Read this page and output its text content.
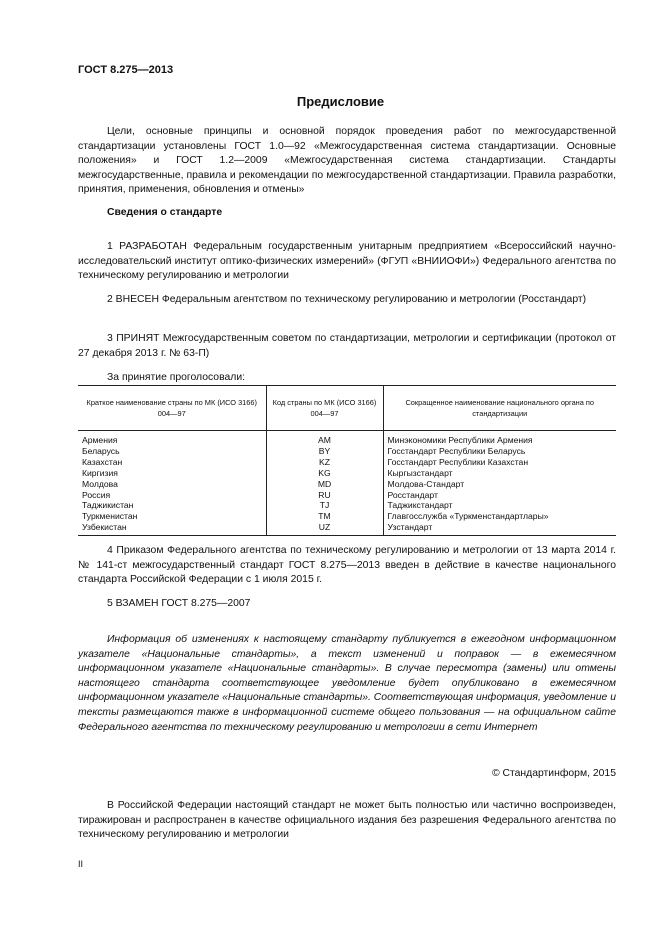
ГОСТ 8.275—2013
Предисловие
Цели, основные принципы и основной порядок проведения работ по межгосударственной стандартизации установлены ГОСТ 1.0—92 «Межгосударственная система стандартизации. Основные положения» и ГОСТ 1.2—2009 «Межгосударственная система стандартизации. Стандарты межгосударственные, правила и рекомендации по межгосударственной стандартизации. Правила разработки, принятия, применения, обновления и отмены»
Сведения о стандарте
1 РАЗРАБОТАН Федеральным государственным унитарным предприятием «Всероссийский научно-исследовательский институт оптико-физических измерений» (ФГУП «ВНИИОФИ») Федерального агентства по техническому регулированию и метрологии
2 ВНЕСЕН Федеральным агентством по техническому регулированию и метрологии (Росстандарт)
3 ПРИНЯТ Межгосударственным советом по стандартизации, метрологии и сертификации (протокол от 27 декабря 2013 г. № 63-П)
За принятие проголосовали:
Краткое наименование страны по МК (ИСО 3166) 004—97	Код страны по МК (ИСО 3166) 004—97	Сокращенное наименование национального органа по стандартизации
Армения	AM	Минэкономики Республики Армения
Беларусь	BY	Госстандарт Республики Беларусь
Казахстан	KZ	Госстандарт Республики Казахстан
Киргизия	KG	Кыргызстандарт
Молдова	MD	Молдова-Стандарт
Россия	RU	Росстандарт
Таджикистан	TJ	Таджикстандарт
Туркменистан	TM	Главгосслужба «Туркменстандартлары»
Узбекистан	UZ	Узстандарт
4 Приказом Федерального агентства по техническому регулированию и метрологии от 13 марта 2014 г. № 141-ст межгосударственный стандарт ГОСТ 8.275—2013 введен в действие в качестве национального стандарта Российской Федерации с 1 июля 2015 г.
5 ВЗАМЕН ГОСТ 8.275—2007
Информация об изменениях к настоящему стандарту публикуется в ежегодном информационном указателе «Национальные стандарты», а текст изменений и поправок — в ежемесячном информационном указателе «Национальные стандарты». В случае пересмотра (замены) или отмены настоящего стандарта соответствующее уведомление будет опубликовано в ежемесячном информационном указателе «Национальные стандарты». Соответствующая информация, уведомление и тексты размещаются также в информационной системе общего пользования — на официальном сайте Федерального агентства по техническому регулированию и метрологии в сети Интернет
© Стандартинформ, 2015
В Российской Федерации настоящий стандарт не может быть полностью или частично воспроизведен, тиражирован и распространен в качестве официального издания без разрешения Федерального агентства по техническому регулированию и метрологии
II
